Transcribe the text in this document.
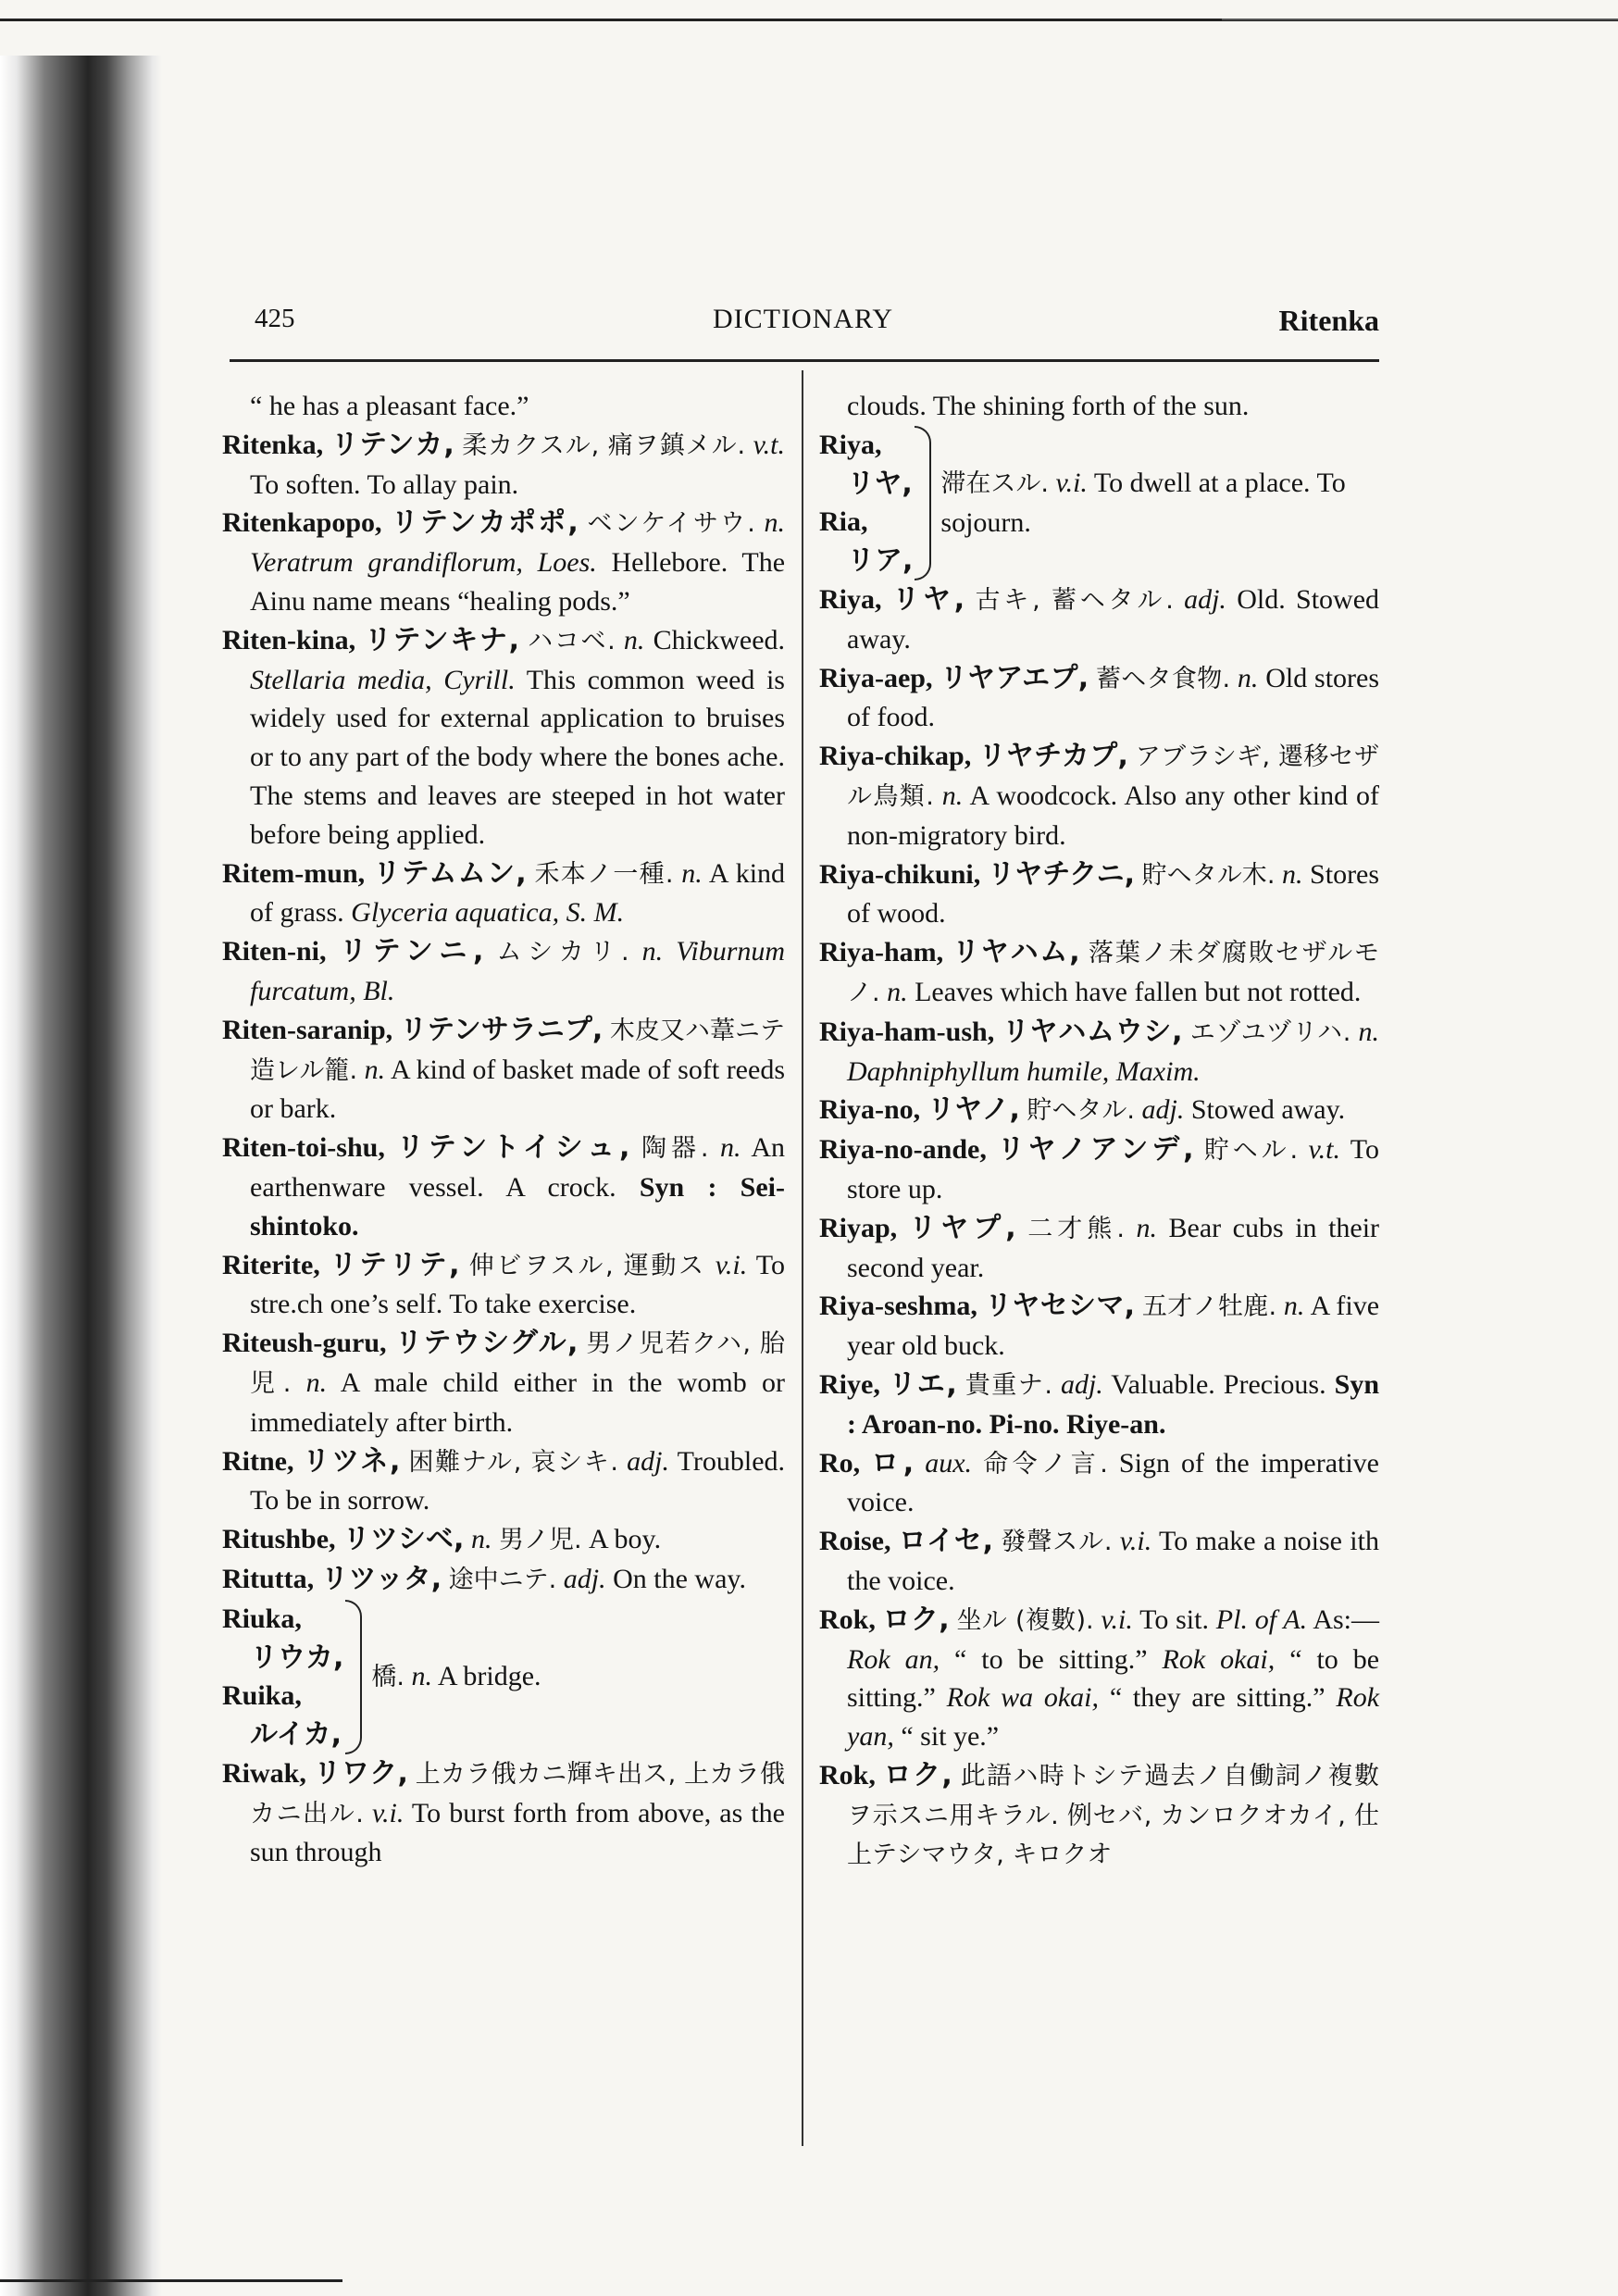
425	DICTIONARY	Ritenka

“ he has a pleasant face.”

Ritenka, リテンカ, 柔カクスル, 痛ヲ鎮メル. v.t. To soften. To allay pain.

Ritenkapopo, リテンカポポ, ベンケイサウ. n. Veratrum grandiflorum, Loes. Hellebore. The Ainu name means “healing pods.”

Riten-kina, リテンキナ, ハコベ. n. Chickweed. Stellaria media, Cyrill. This common weed is widely used for external application to bruises or to any part of the body where the bones ache. The stems and leaves are steeped in hot water before being applied.

Ritem-mun, リテムムン, 禾本ノ一種. n. A kind of grass. Glyceria aquatica, S. M.

Riten-ni, リテンニ, ムシカリ. n. Viburnum furcatum, Bl.

Riten-saranip, リテンサラニプ, 木皮又ハ葦ニテ造レル籠. n. A kind of basket made of soft reeds or bark.

Riten-toi-shu, リテントイシュ, 陶器. n. An earthenware vessel. A crock. Syn : Sei-shintoko.

Riterite, リテリテ, 伸ビヲスル, 運動ス v.i. To stre.ch one’s self. To take exercise.

Riteush-guru, リテウシグル, 男ノ児若クハ, 胎児. n. A male child either in the womb or immediately after birth.

Ritne, リツネ, 困難ナル, 哀シキ. adj. Troubled. To be in sorrow.

Ritushbe, リツシベ, n. 男ノ児. A boy.

Ritutta, リツッタ, 途中ニテ. adj. On the way.

Riuka,
リウカ,
Ruika,
ルイカ,
橋. n. A bridge.

Riwak, リワク, 上カラ俄カニ輝キ出ス, 上カラ俄カニ出ル. v.i. To burst forth from above, as the sun through

clouds. The shining forth of the sun.

Riya,
リヤ,
Ria,
リア,
滞在スル. v.i. To dwell at a place. To sojourn.

Riya, リヤ, 古キ, 蓄ヘタル. adj. Old. Stowed away.

Riya-aep, リヤアエプ, 蓄ヘタ食物. n. Old stores of food.

Riya-chikap, リヤチカプ, アブラシギ, 遷移セザル鳥類. n. A woodcock. Also any other kind of non-migratory bird.

Riya-chikuni, リヤチクニ, 貯ヘタル木. n. Stores of wood.

Riya-ham, リヤハム, 落葉ノ未ダ腐敗セザルモノ. n. Leaves which have fallen but not rotted.

Riya-ham-ush, リヤハムウシ, エゾユヅリハ. n. Daphniphyllum humile, Maxim.

Riya-no, リヤノ, 貯ヘタル. adj. Stowed away.

Riya-no-ande, リヤノアンデ, 貯ヘル. v.t. To store up.

Riyap, リヤプ, 二才熊. n. Bear cubs in their second year.

Riya-seshma, リヤセシマ, 五才ノ牡鹿. n. A five year old buck.

Riye, リエ, 貴重ナ. adj. Valuable. Precious. Syn : Aroan-no. Pi-no. Riye-an.

Ro, ロ, aux. 命令ノ言. Sign of the imperative voice.

Roise, ロイセ, 發聲スル. v.i. To make a noise ith the voice.

Rok, ロク, 坐ル (複數). v.i. To sit. Pl. of A. As:—Rok an, “ to be sitting.” Rok okai, “ to be sitting.” Rok wa okai, “ they are sitting.” Rok yan, “ sit ye.”

Rok, ロク, 此語ハ時トシテ過去ノ自働詞ノ複數ヲ示スニ用キラル. 例セバ, カンロクオカイ, 仕上テシマウタ, キロクオ
